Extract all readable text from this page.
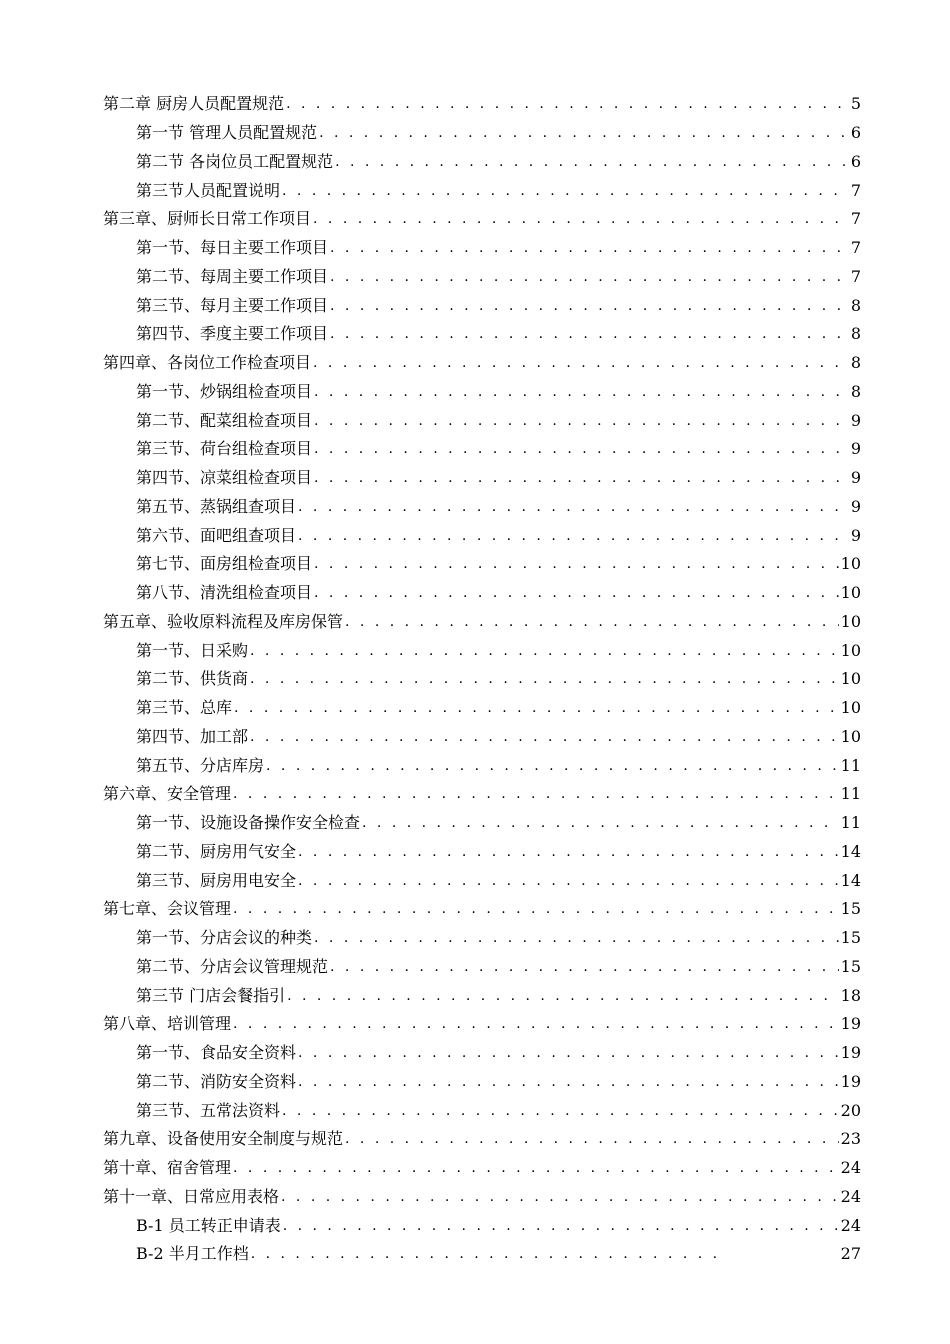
第二章 厨房人员配置规范 . . .	5
第一节 管理人员配置规范 . . .	6
第二节 各岗位员工配置规范 . . .	6
第三节人员配置说明 . . .	7
第三章、厨师长日常工作项目 . . .	7
第一节、每日主要工作项目 . . .	7
第二节、每周主要工作项目 . . .	7
第三节、每月主要工作项目 . . .	8
第四节、季度主要工作项目 . . .	8
第四章、各岗位工作检查项目 . . .	8
第一节、炒锅组检查项目 . . .	8
第二节、配菜组检查项目 . . .	9
第三节、荷台组检查项目 . . .	9
第四节、凉菜组检查项目 . . .	9
第五节、蒸锅组查项目 . . .	9
第六节、面吧组查项目 . . .	9
第七节、面房组检查项目 . . .	10
第八节、清洗组检查项目 . . .	10
第五章、验收原料流程及库房保管 . . .	10
第一节、日采购 . . .	10
第二节、供货商 . . .	10
第三节、总库 . . .	10
第四节、加工部 . . .	10
第五节、分店库房 . . .	11
第六章、安全管理 . . .	11
第一节、设施设备操作安全检查 . . .	11
第二节、厨房用气安全 . . .	14
第三节、厨房用电安全 . . .	14
第七章、会议管理 . . .	15
第一节、分店会议的种类 . . .	15
第二节、分店会议管理规范 . . .	15
第三节 门店会餐指引 . . .	18
第八章、培训管理 . . .	19
第一节、食品安全资料 . . .	19
第二节、消防安全资料 . . .	19
第三节、五常法资料 . . .	20
第九章、设备使用安全制度与规范 . . .	23
第十章、宿舍管理 . . .	24
第十一章、日常应用表格 . . .	24
B-1 员工转正申请表 . . .	24
B-2 半月工作档 . . .	27
